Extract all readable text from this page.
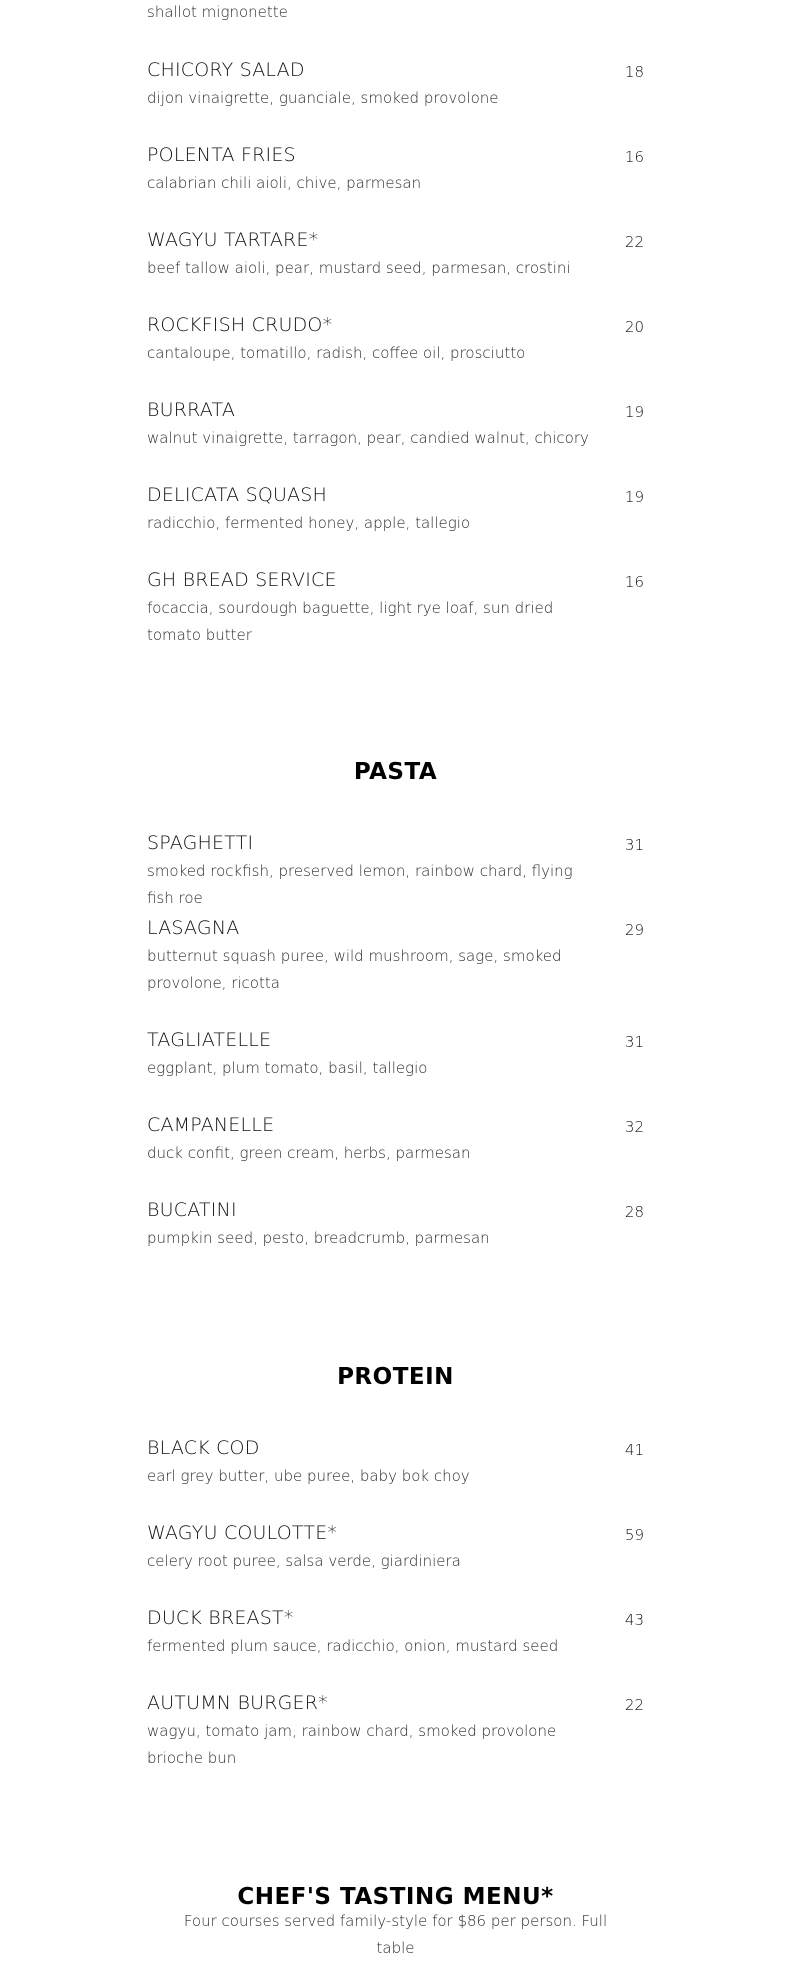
shallot mignonette
CHICORY SALAD	18
dijon vinaigrette, guanciale, smoked provolone
POLENTA FRIES	16
calabrian chili aioli, chive, parmesan
WAGYU TARTARE*	22
beef tallow aioli, pear, mustard seed, parmesan, crostini
ROCKFISH CRUDO*	20
cantaloupe, tomatillo, radish, coffee oil, prosciutto
BURRATA	19
walnut vinaigrette, tarragon, pear, candied walnut, chicory
DELICATA SQUASH	19
radicchio, fermented honey, apple, tallegio
GH BREAD SERVICE	16
focaccia, sourdough baguette, light rye loaf, sun dried tomato butter
SPAGHETTI	31
smoked rockfish, preserved lemon, rainbow chard, flying fish roe
LASAGNA	29
butternut squash puree, wild mushroom, sage, smoked provolone, ricotta
TAGLIATELLE	31
eggplant, plum tomato, basil, tallegio
CAMPANELLE	32
duck confit, green cream, herbs, parmesan
BUCATINI	28
pumpkin seed, pesto, breadcrumb, parmesan
BLACK COD	41
earl grey butter, ube puree, baby bok choy
WAGYU COULOTTE*	59
celery root puree, salsa verde, giardiniera
DUCK BREAST*	43
fermented plum sauce, radicchio, onion, mustard seed
AUTUMN BURGER*	22
wagyu, tomato jam, rainbow chard, smoked provolone brioche bun
PASTA
PROTEIN
CHEF'S TASTING MENU*
Four courses served family-style for $86 per person. Full table
